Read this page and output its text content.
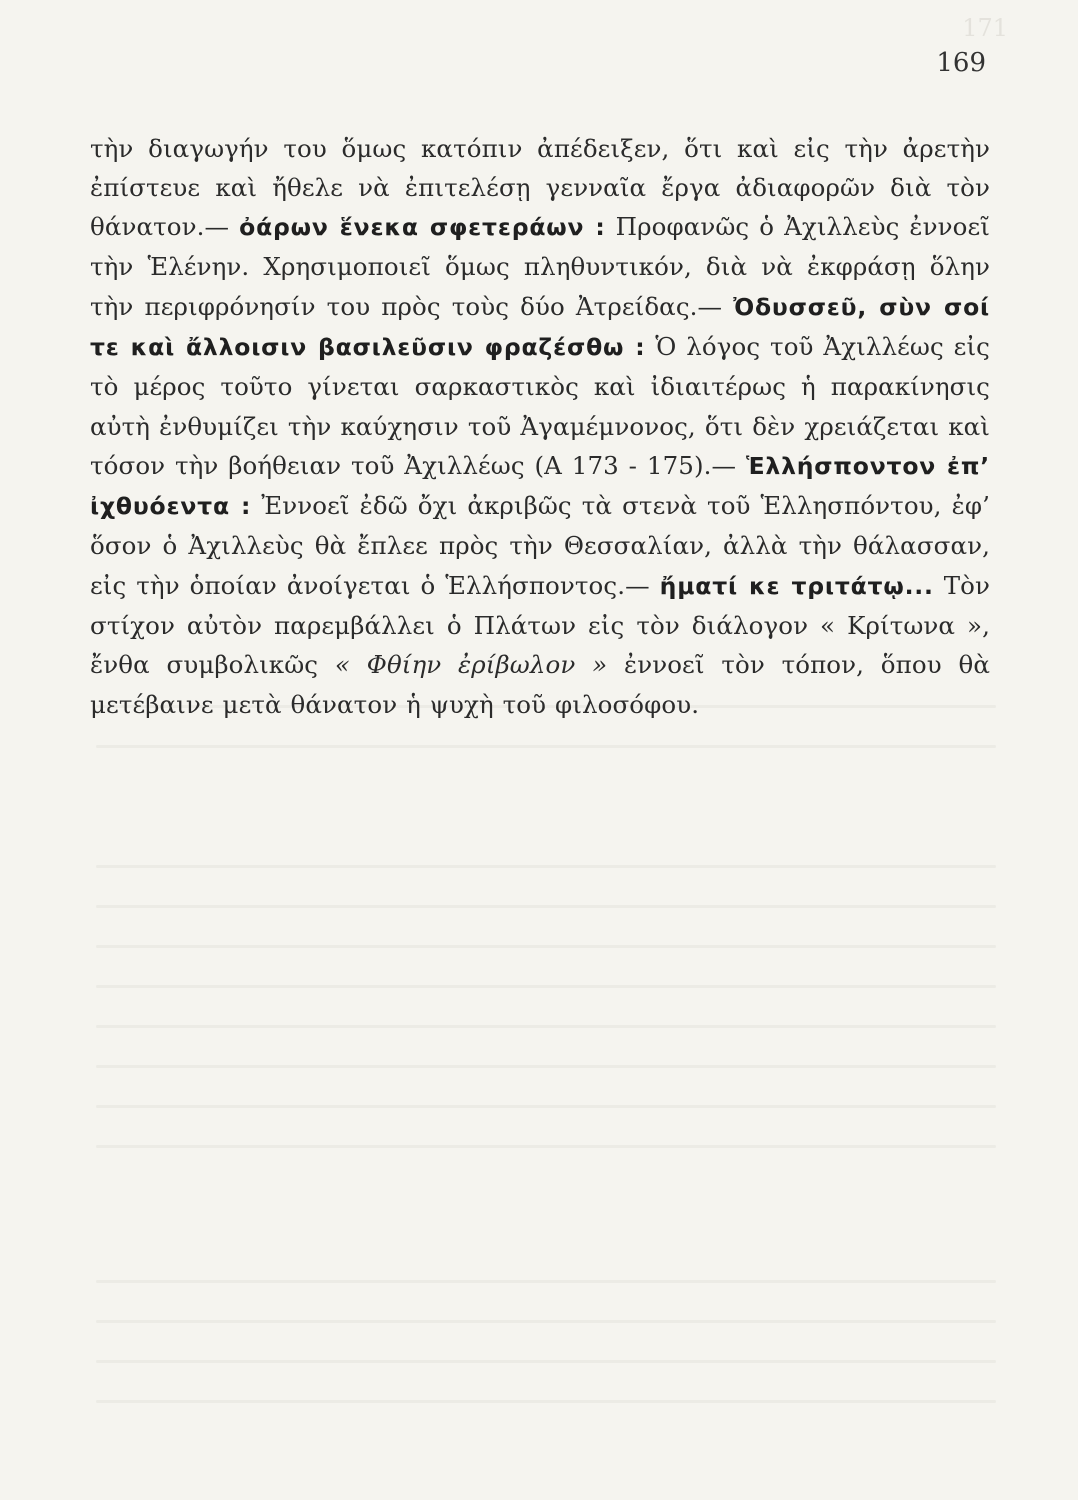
171
169

τὴν διαγωγήν του ὅμως κατόπιν ἀπέδειξεν, ὅτι καὶ εἰς τὴν ἀρετὴν ἐπίστευε καὶ ἤθελε νὰ ἐπιτελέσῃ γενναῖα ἔργα ἀδιαφορῶν διὰ τὸν θάνατον.— ὀάρων ἕνεκα σφετεράων : Προφανῶς ὁ Ἀχιλλεὺς ἐννοεῖ τὴν Ἑλένην. Χρησιμοποιεῖ ὅμως πληθυντικόν, διὰ νὰ ἐκφράσῃ ὅλην τὴν περιφρόνησίν του πρὸς τοὺς δύο Ἀτρείδας.— Ὀδυσσεῦ, σὺν σοί τε καὶ ἄλλοισιν βασιλεῦσιν φραζέσθω : Ὁ λόγος τοῦ Ἀχιλλέως εἰς τὸ μέρος τοῦτο γίνεται σαρκαστικὸς καὶ ἰδιαιτέρως ἡ παρακίνησις αὐτὴ ἐνθυμίζει τὴν καύχησιν τοῦ Ἀγαμέμνονος, ὅτι δὲν χρειάζεται καὶ τόσον τὴν βοήθειαν τοῦ Ἀχιλλέως (Α 173 - 175).— Ἑλλήσποντον ἐπ’ ἰχθυόεντα : Ἐννοεῖ ἐδῶ ὄχι ἀκριβῶς τὰ στενὰ τοῦ Ἑλλησπόντου, ἐφ’ ὅσον ὁ Ἀχιλλεὺς θὰ ἔπλεε πρὸς τὴν Θεσσαλίαν, ἀλλὰ τὴν θάλασσαν, εἰς τὴν ὁποίαν ἀνοίγεται ὁ Ἑλλήσποντος.— ἤματί κε τριτάτῳ... Τὸν στίχον αὐτὸν παρεμβάλλει ὁ Πλάτων εἰς τὸν διάλογον « Κρίτωνα », ἔνθα συμβολικῶς « Φθίην ἐρίβωλον » ἐννοεῖ τὸν τόπον, ὅπου θὰ μετέβαινε μετὰ θάνατον ἡ ψυχὴ τοῦ φιλοσόφου.
